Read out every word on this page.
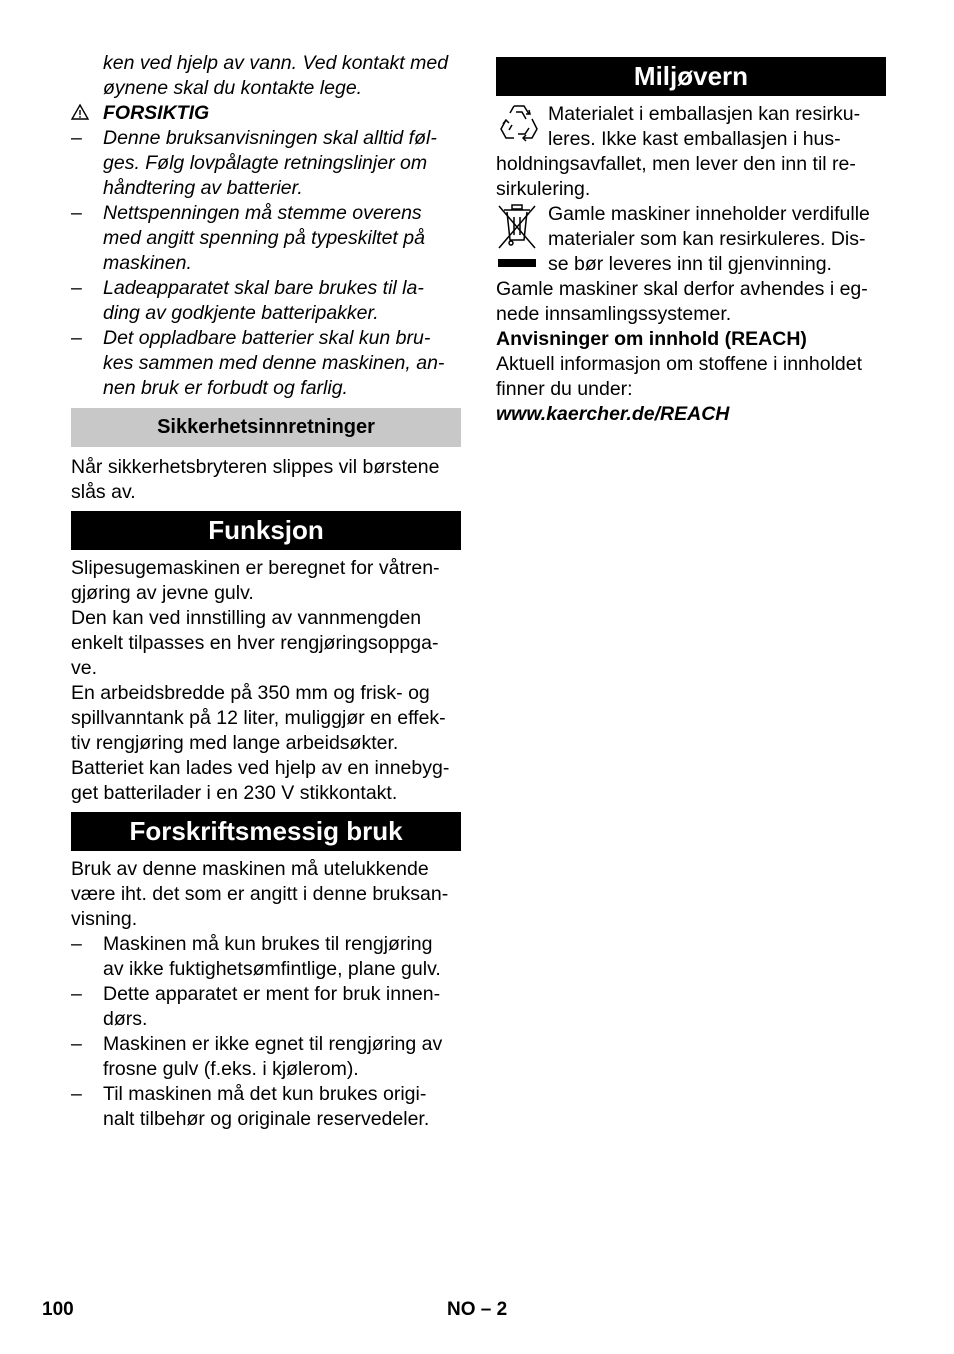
ken ved hjelp av vann. Ved kontakt med
øynene skal du kontakte lege.
FORSIKTIG
– Denne bruksanvisningen skal alltid føl-
ges. Følg lovpålagte retningslinjer om
håndtering av batterier.
– Nettspenningen må stemme overens
med angitt spenning på typeskiltet på
maskinen.
– Ladeapparatet skal bare brukes til la-
ding av godkjente batteripakker.
– Det oppladbare batterier skal kun bru-
kes sammen med denne maskinen, an-
nen bruk er forbudt og farlig.
Sikkerhetsinnretninger
Når sikkerhetsbryteren slippes vil børstene
slås av.
Funksjon
Slipesugemaskinen er beregnet for våtren-
gjøring av jevne gulv.
Den kan ved innstilling av vannmengden
enkelt tilpasses en hver rengjøringsoppga-
ve.
En arbeidsbredde på 350 mm og frisk- og
spillvanntank på 12 liter, muliggjør en effek-
tiv rengjøring med lange arbeidsøkter.
Batteriet kan lades ved hjelp av en innebyg-
get batterilader i en 230 V stikkontakt.
Forskriftsmessig bruk
Bruk av denne maskinen må utelukkende
være iht. det som er angitt i denne bruksan-
visning.
– Maskinen må kun brukes til rengjøring
av ikke fuktighetsømfintlige, plane gulv.
– Dette apparatet er ment for bruk innen-
dørs.
– Maskinen er ikke egnet til rengjøring av
frosne gulv (f.eks. i kjølerom).
– Til maskinen må det kun brukes origi-
nalt tilbehør og originale reservedeler.
Miljøvern
Materialet i emballasjen kan resirku-
leres. Ikke kast emballasjen i hus-
holdningsavfallet, men lever den inn til re-
sirkulering.
Gamle maskiner inneholder verdifulle
materialer som kan resirkuleres. Dis-
se bør leveres inn til gjenvinning.
Gamle maskiner skal derfor avhendes i eg-
nede innsamlingssystemer.
Anvisninger om innhold (REACH)
Aktuell informasjon om stoffene i innholdet
finner du under:
www.kaercher.de/REACH
100	NO – 2
